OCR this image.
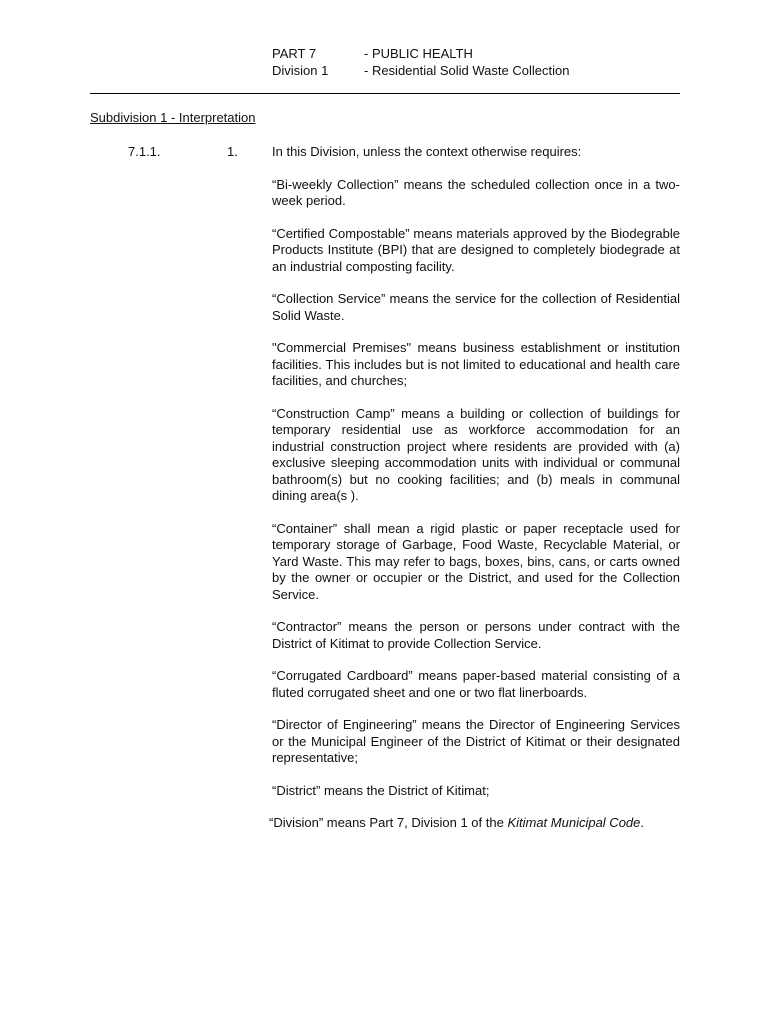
PART 7	- PUBLIC HEALTH
Division 1	- Residential Solid Waste Collection
Subdivision 1 - Interpretation
7.1.1.	1.	In this Division, unless the context otherwise requires:

“Bi-weekly Collection” means the scheduled collection once in a two-week period.

“Certified Compostable” means materials approved by the Biodegrable Products Institute (BPI) that are designed to completely biodegrade at an industrial composting facility.

“Collection Service” means the service for the collection of Residential Solid Waste.

"Commercial Premises" means business establishment or institution facilities. This includes but is not limited to educational and health care facilities, and churches;

“Construction Camp” means a building or collection of buildings for temporary residential use as workforce accommodation for an industrial construction project where residents are provided with (a) exclusive sleeping accommodation units with individual or communal bathroom(s) but no cooking facilities; and (b) meals in communal dining area(s ).

“Container” shall mean a rigid plastic or paper receptacle used for temporary storage of Garbage, Food Waste, Recyclable Material, or Yard Waste. This may refer to bags, boxes, bins, cans, or carts owned by the owner or occupier or the District, and used for the Collection Service.

“Contractor” means the person or persons under contract with the District of Kitimat to provide Collection Service.

“Corrugated Cardboard” means paper-based material consisting of a fluted corrugated sheet and one or two flat linerboards.

“Director of Engineering” means the Director of Engineering Services or the Municipal Engineer of the District of Kitimat or their designated representative;

“District” means the District of Kitimat;

“Division” means Part 7, Division 1 of the Kitimat Municipal Code.
